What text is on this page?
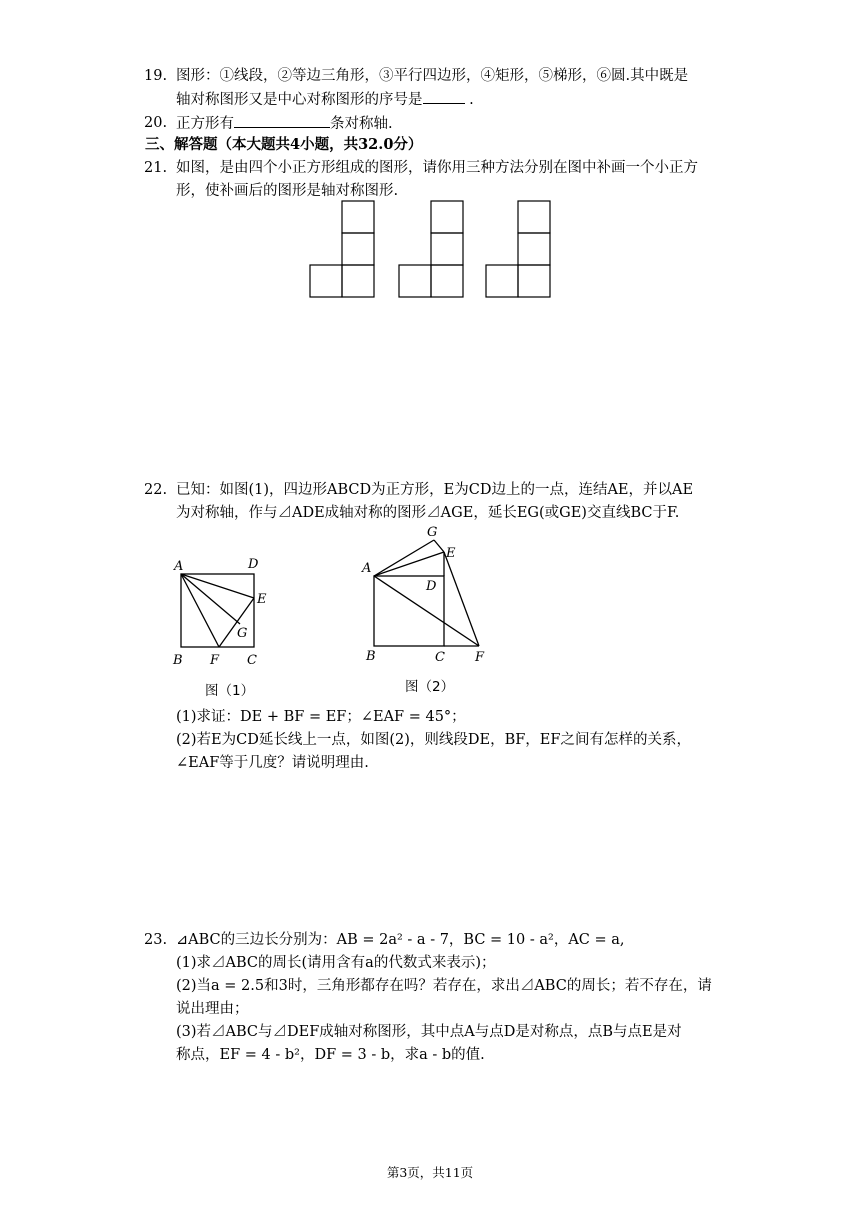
19. 图形：①线段，②等边三角形，③平行四边形，④矩形，⑤梯形，⑥圆.其中既是
轴对称图形又是中心对称图形的序号是	.
20. 正方形有	条对称轴.
三、解答题（本大题共4小题，共32.0分）
21. 如图，是由四个小正方形组成的图形，请你用三种方法分别在图中补画一个小正方
形，使补画后的图形是轴对称图形.
22. 已知：如图(1)，四边形ABCD为正方形，E为CD边上的一点，连结AE，并以AE
为对称轴，作与⊿ADE成轴对称的图形⊿AGE，延长EG(或GE)交直线BC于F.
A	D
E
G
B F C
图（1）
G
E
A
D
B	C F
图（2）
(1)求证：DE + BF = EF；∠EAF = 45°；
(2)若E为CD延长线上一点，如图(2)，则线段DE，BF，EF之间有怎样的关系，
∠EAF等于几度？请说明理由.
23. ⊿ABC的三边长分别为：AB = 2a² - a - 7，BC = 10 - a²，AC = a,
(1)求⊿ABC的周长(请用含有a的代数式来表示)；
(2)当a = 2.5和3时，三角形都存在吗？若存在，求出⊿ABC的周长；若不存在，请
说出理由；
(3)若⊿ABC与⊿DEF成轴对称图形，其中点A与点D是对称点，点B与点E是对
称点，EF = 4 - b²，DF = 3 - b，求a - b的值.
第3页，共11页
